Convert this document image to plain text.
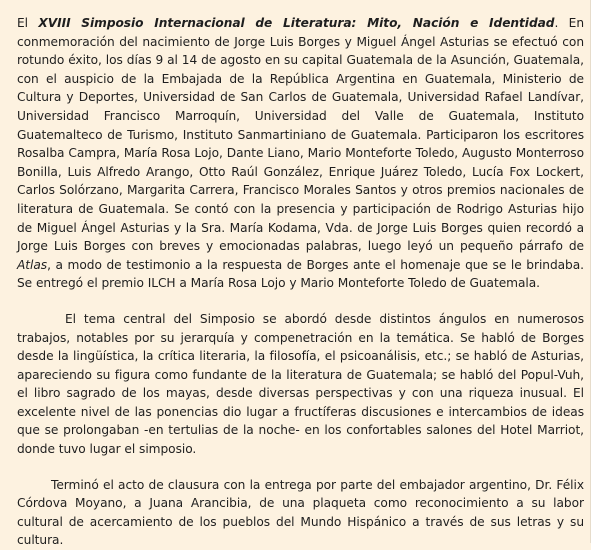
El XVIII Simposio Internacional de Literatura: Mito, Nación e Identidad. En conmemoración del nacimiento de Jorge Luis Borges y Miguel Ángel Asturias se efectuó con rotundo éxito, los días 9 al 14 de agosto en su capital Guatemala de la Asunción, Guatemala, con el auspicio de la Embajada de la República Argentina en Guatemala, Ministerio de Cultura y Deportes, Universidad de San Carlos de Guatemala, Universidad Rafael Landívar, Universidad Francisco Marroquín, Universidad del Valle de Guatemala, Instituto Guatemalteco de Turismo, Instituto Sanmartiniano de Guatemala. Participaron los escritores Rosalba Campra, María Rosa Lojo, Dante Liano, Mario Monteforte Toledo, Augusto Monterroso Bonilla, Luis Alfredo Arango, Otto Raúl González, Enrique Juárez Toledo, Lucía Fox Lockert, Carlos Solórzano, Margarita Carrera, Francisco Morales Santos y otros premios nacionales de literatura de Guatemala. Se contó con la presencia y participación de Rodrigo Asturias hijo de Miguel Ángel Asturias y la Sra. María Kodama, Vda. de Jorge Luis Borges quien recordó a Jorge Luis Borges con breves y emocionadas palabras, luego leyó un pequeño párrafo de Atlas, a modo de testimonio a la respuesta de Borges ante el homenaje que se le brindaba. Se entregó el premio ILCH a María Rosa Lojo y Mario Monteforte Toledo de Guatemala.

El tema central del Simposio se abordó desde distintos ángulos en numerosos trabajos, notables por su jerarquía y compenetración en la temática. Se habló de Borges desde la lingüística, la crítica literaria, la filosofía, el psicoanálisis, etc.; se habló de Asturias, apareciendo su figura como fundante de la literatura de Guatemala; se habló del Popul-Vuh, el libro sagrado de los mayas, desde diversas perspectivas y con una riqueza inusual. El excelente nivel de las ponencias dio lugar a fructíferas discusiones e intercambios de ideas que se prolongaban -en tertulias de la noche- en los confortables salones del Hotel Marriot, donde tuvo lugar el simposio.

Terminó el acto de clausura con la entrega por parte del embajador argentino, Dr. Félix Córdova Moyano, a Juana Arancibia, de una plaqueta como reconocimiento a su labor cultural de acercamiento de los pueblos del Mundo Hispánico a través de sus letras y su cultura.
